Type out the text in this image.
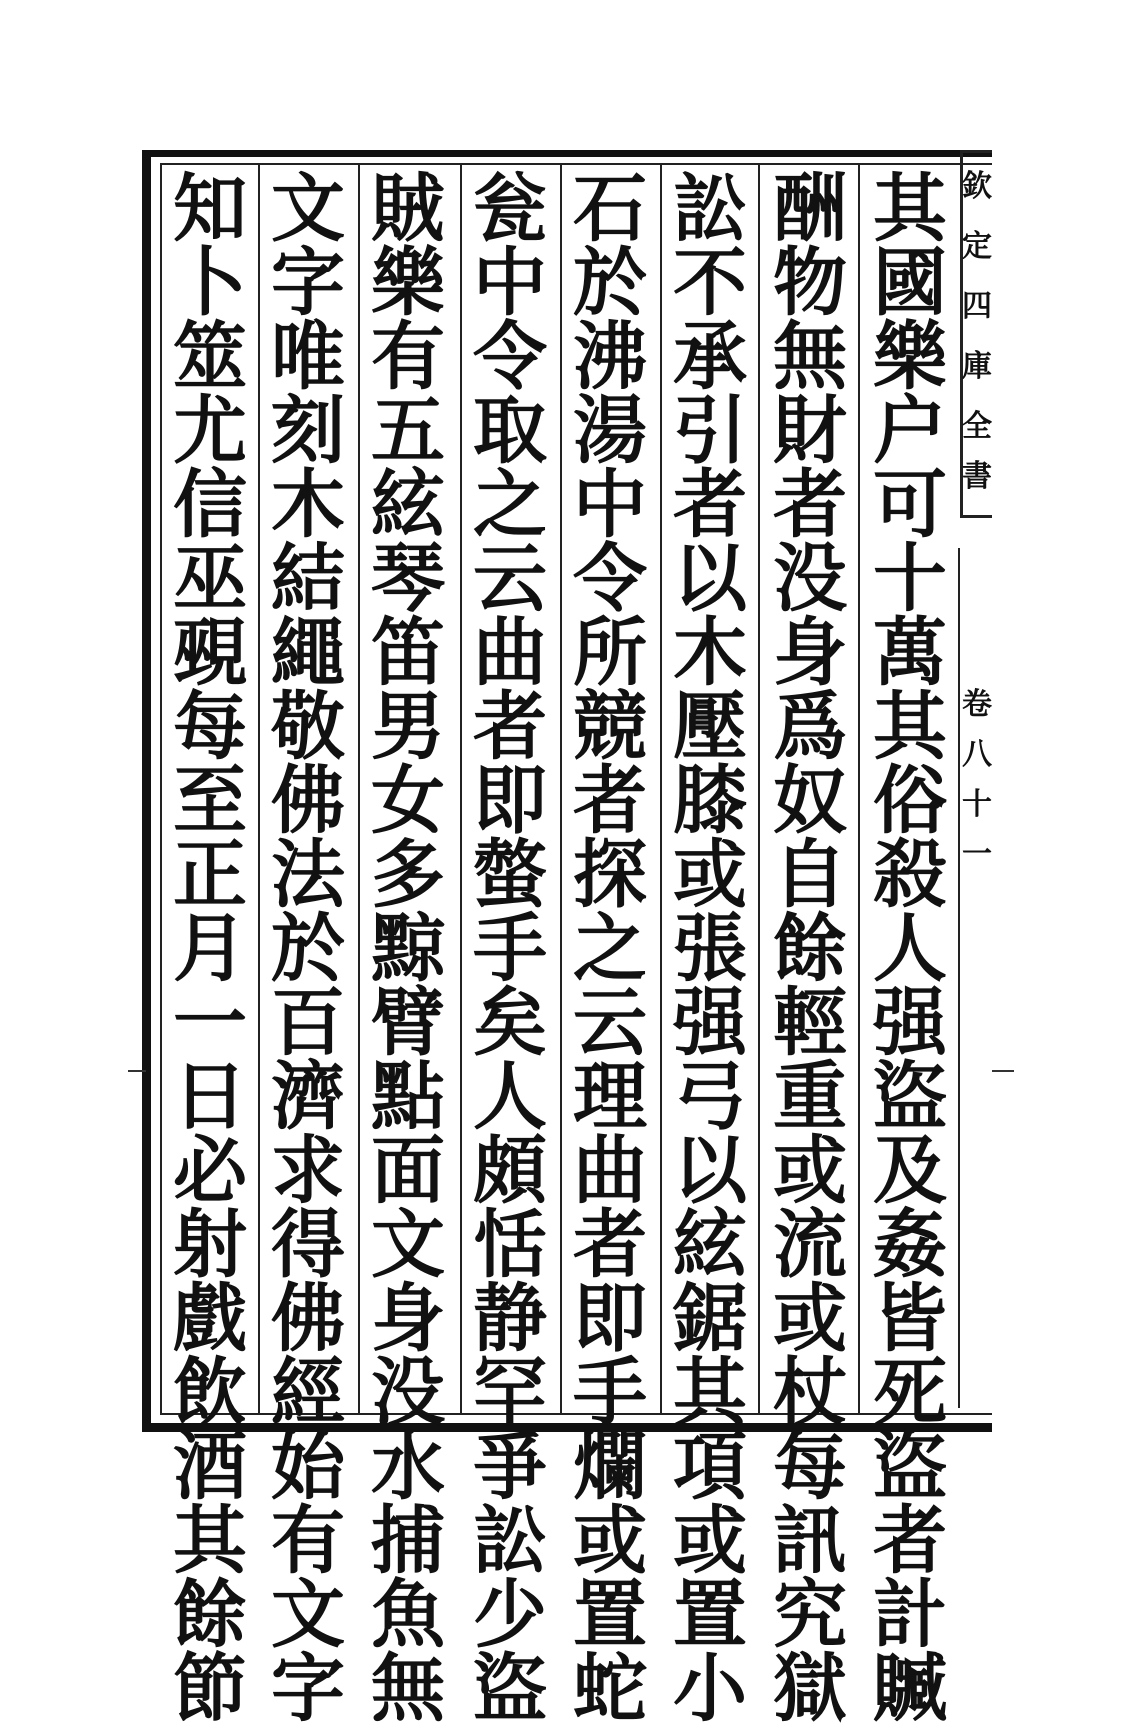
欽
定
四
庫
全
書
卷
八
十
一
其
國
樂
户
可
十
萬
其
俗
殺
人
强
盜
及
姦
皆
死
盜
者
計
贓
酬
物
無
財
者
没
身
爲
奴
自
餘
輕
重
或
流
或
杖
每
訊
究
獄
訟
不
承
引
者
以
木
壓
膝
或
張
强
弓
以
絃
鋸
其
項
或
置
小
石
於
沸
湯
中
令
所
競
者
探
之
云
理
曲
者
即
手
爛
或
置
蛇
瓮
中
令
取
之
云
曲
者
即
螫
手
矣
人
頗
恬
静
罕
爭
訟
少
盜
賊
樂
有
五
絃
琴
笛
男
女
多
黥
臂
點
面
文
身
没
水
捕
魚
無
文
字
唯
刻
木
結
繩
敬
佛
法
於
百
濟
求
得
佛
經
始
有
文
字
知
卜
筮
尤
信
巫
覡
每
至
正
月
一
日
必
射
戲
飲
酒
其
餘
節
